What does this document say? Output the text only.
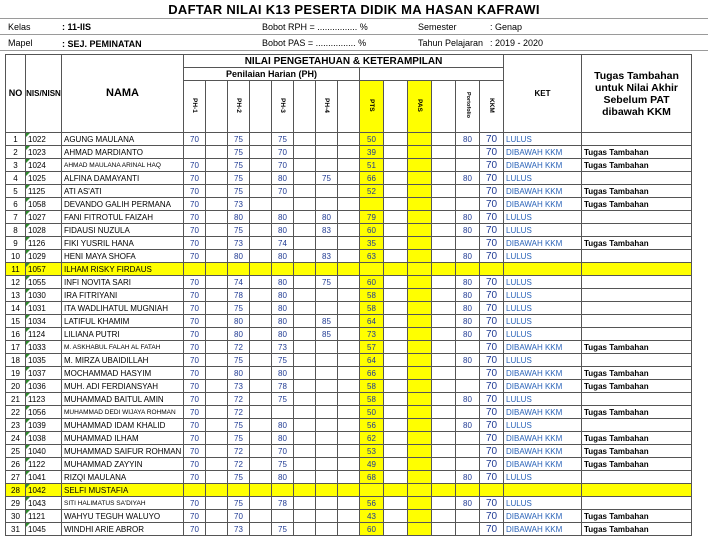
DAFTAR NILAI K13 PESERTA DIDIK MA HASAN KAFRAWI
Kelas	: 11-IIS
Mapel	: SEJ. PEMINATAN
Bobot RPH = ................ %
Bobot PAS = ................ %
Semester	: Genap
Tahun Pelajaran : 2019 - 2020
NO	NIS/NISN	NAMA	NILAI PENGETAHUAN & KETERAMPILAN														KET	Tugas Tambahan untuk Nilai Akhir Sebelum PAT dibawah KKM
			Penilaian Harian (PH)															
			PH-1		PH-2		PH-3		PH-4		PTS		PAS		Portofolio	KKM		
1	1022	AGUNG MAULANA	70		75		75				50				80	70	LULUS	
2	1023	AHMAD MARDIANTO			75		70				39					70	DIBAWAH KKM	Tugas Tambahan
3	1024	AHMAD MAULANA ARINAL HAQ	70		75		70				51					70	DIBAWAH KKM	Tugas Tambahan
4	1025	ALFINA DAMAYANTI	70		75		80		75		66				80	70	LULUS	
5	1125	ATI AS'ATI	70		75		70				52					70	DIBAWAH KKM	Tugas Tambahan
6	1058	DEVANDO GALIH PERMANA	70		73											70	DIBAWAH KKM	Tugas Tambahan
7	1027	FANI FITROTUL FAIZAH	70		80		80		80		79				80	70	LULUS	
8	1028	FIDAUSI NUZULA	70		75		80		83		60				80	70	LULUS	
9	1126	FIKI YUSRIL HANA	70		73		74				35					70	DIBAWAH KKM	Tugas Tambahan
10	1029	HENI MAYA SHOFA	70		80		80		83		63				80	70	LULUS	
11	1057	ILHAM RISKY FIRDAUS																
12	1055	INFI NOVITA SARI	70		74		80		75		60				80	70	LULUS	
13	1030	IRA FITRIYANI	70		78		80				58				80	70	LULUS	
14	1031	ITA WADLIHATUL MUGNIAH	70		75		80				58				80	70	LULUS	
15	1034	LATIFUL KHAMIM	70		80		80		85		64				80	70	LULUS	
16	1124	LILIANA PUTRI	70		80		80		85		73				80	70	LULUS	
17	1033	M. ASKHABUL FALAH AL FATAH	70		72		73				57					70	DIBAWAH KKM	Tugas Tambahan
18	1035	M. MIRZA UBAIDILLAH	70		75		75				64				80	70	LULUS	
19	1037	MOCHAMMAD HASYIM	70		80		80				66					70	DIBAWAH KKM	Tugas Tambahan
20	1036	MUH. ADI FERDIANSYAH	70		73		78				58					70	DIBAWAH KKM	Tugas Tambahan
21	1123	MUHAMMAD BAITUL AMIN	70		72		75				58				80	70	LULUS	
22	1056	MUHAMMAD DEDI WIJAYA ROHMAN	70		72						50					70	DIBAWAH KKM	Tugas Tambahan
23	1039	MUHAMMAD IDAM KHALID	70		75		80				56				80	70	LULUS	
24	1038	MUHAMMAD ILHAM	70		75		80				62					70	DIBAWAH KKM	Tugas Tambahan
25	1040	MUHAMMAD SAIFUR ROHMAN	70		72		70				53					70	DIBAWAH KKM	Tugas Tambahan
26	1122	MUHAMMAD ZAYYIN	70		72		75				49					70	DIBAWAH KKM	Tugas Tambahan
27	1041	RIZQI MAULANA	70		75		80				68				80	70	LULUS	
28	1042	SELFI MUSTAFIA																
29	1043	SITI HALIMATUS SA'DIYAH	70		75		78				56				80	70	LULUS	
30	1121	WAHYU TEGUH WALUYO	70		70						43					70	DIBAWAH KKM	Tugas Tambahan
31	1045	WINDHI ARIE ABROR	70		73		75				60					70	DIBAWAH KKM	Tugas Tambahan
